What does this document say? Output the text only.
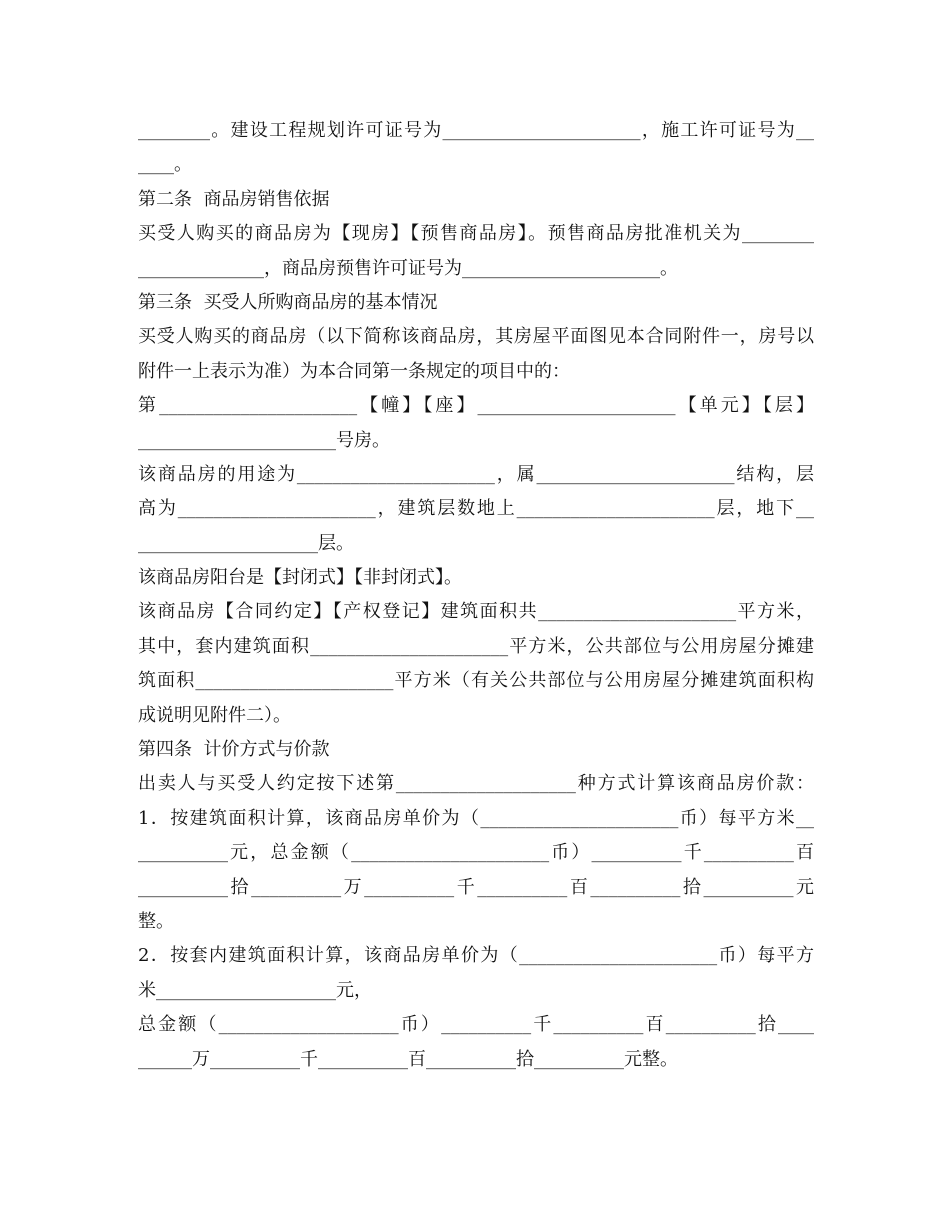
________。建设工程规划许可证号为______________________，施工许可证号为__
____。
第二条  商品房销售依据
买受人购买的商品房为【现房】【预售商品房】。预售商品房批准机关为________
______________，商品房预售许可证号为______________________。
第三条  买受人所购商品房的基本情况
买受人购买的商品房（以下简称该商品房，其房屋平面图见本合同附件一，房号以
附件一上表示为准）为本合同第一条规定的项目中的：
第______________________【幢】【座】______________________【单元】【层】
______________________号房。
该商品房的用途为______________________，属______________________结构，层
高为______________________，建筑层数地上______________________层，地下__
____________________层。
该商品房阳台是【封闭式】【非封闭式】。
该商品房【合同约定】【产权登记】建筑面积共______________________平方米，
其中，套内建筑面积______________________平方米，公共部位与公用房屋分摊建
筑面积______________________平方米（有关公共部位与公用房屋分摊建筑面积构
成说明见附件二）。
第四条  计价方式与价款
出卖人与买受人约定按下述第____________________种方式计算该商品房价款：
1．按建筑面积计算，该商品房单价为（______________________币）每平方米__
__________元，总金额（______________________币）__________千__________百
__________拾__________万__________千__________百__________拾__________元
整。
2．按套内建筑面积计算，该商品房单价为（______________________币）每平方
米____________________元，
总金额（____________________币）__________千__________百__________拾____
______万__________千__________百__________拾__________元整。
